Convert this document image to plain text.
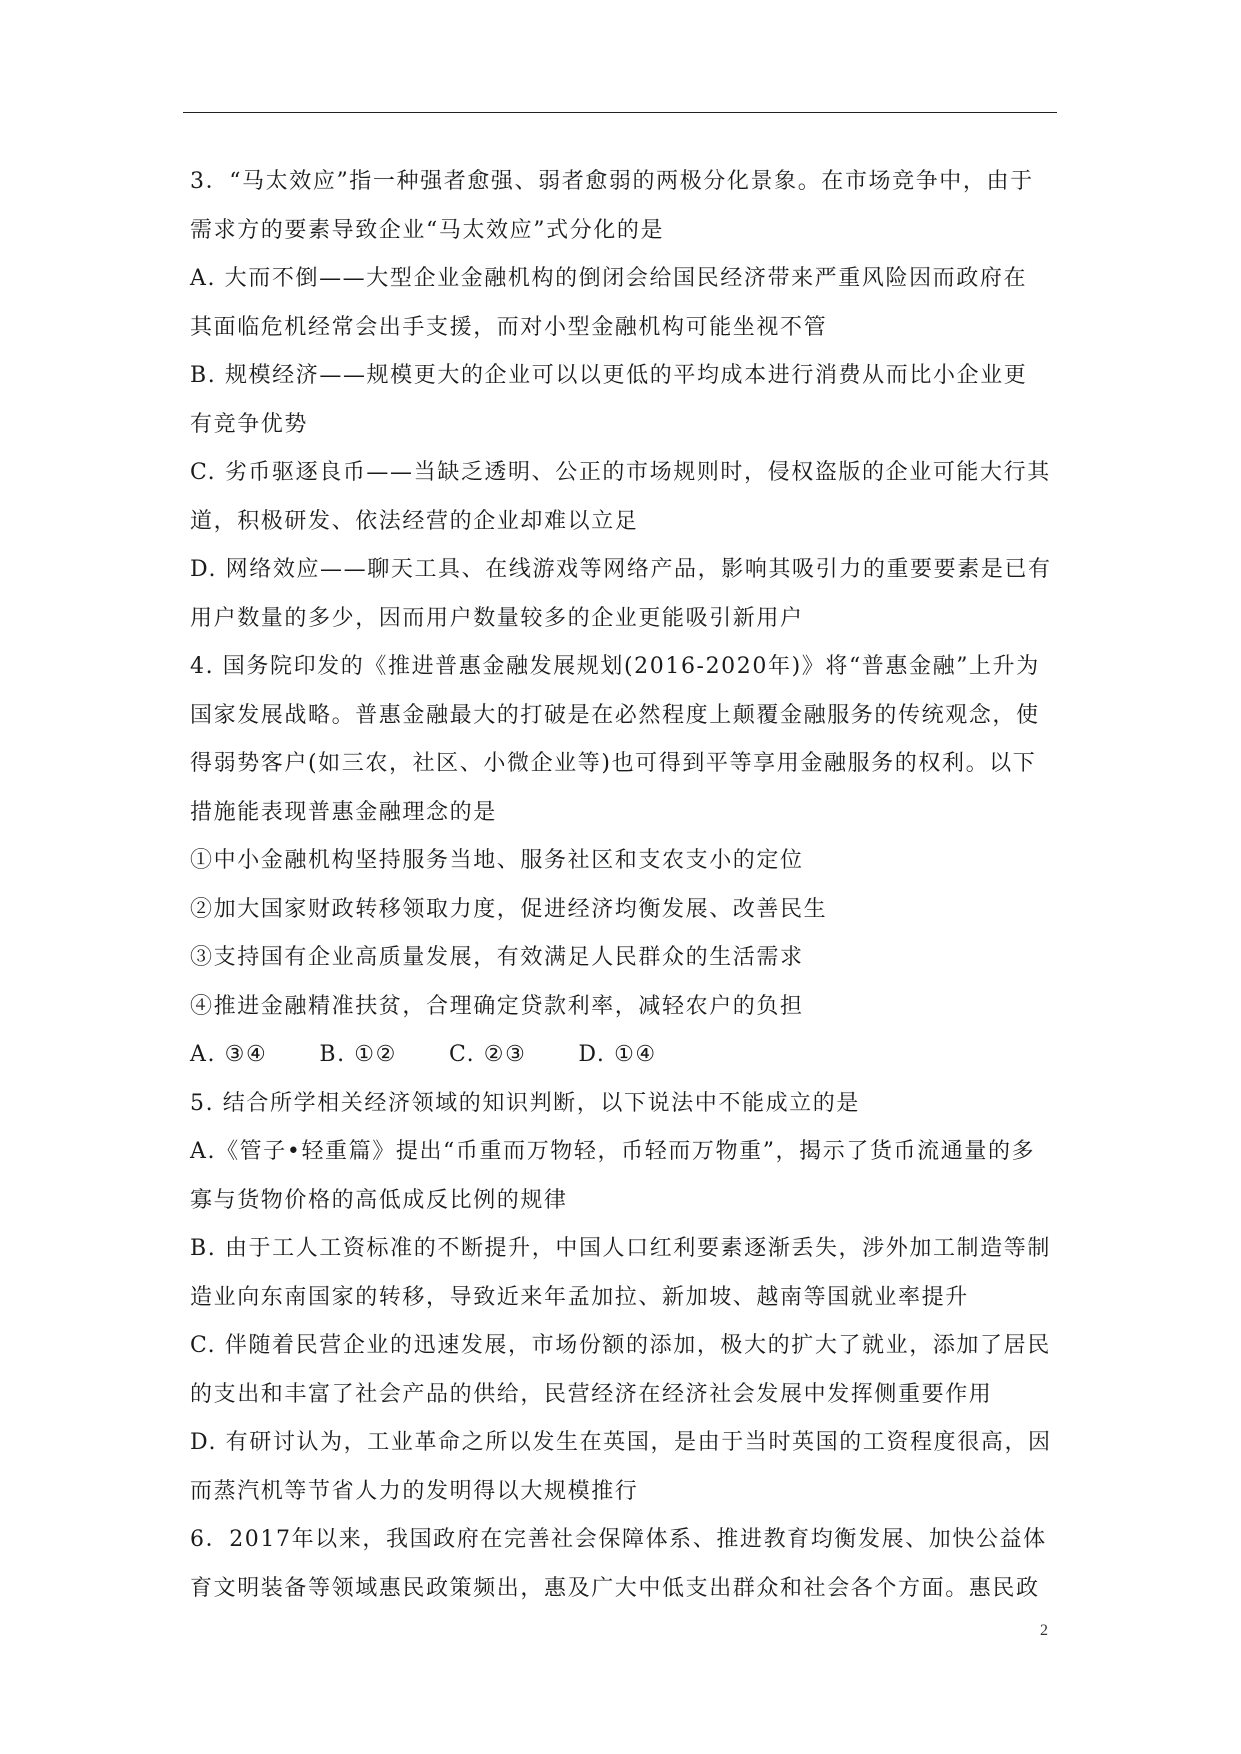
3．“马太效应”指一种强者愈强、弱者愈弱的两极分化景象。在市场竞争中，由于
需求方的要素导致企业“马太效应”式分化的是
A. 大而不倒——大型企业金融机构的倒闭会给国民经济带来严重风险因而政府在
其面临危机经常会出手支援，而对小型金融机构可能坐视不管
B. 规模经济——规模更大的企业可以以更低的平均成本进行消费从而比小企业更
有竞争优势
C. 劣币驱逐良币——当缺乏透明、公正的市场规则时，侵权盗版的企业可能大行其
道，积极研发、依法经营的企业却难以立足
D. 网络效应——聊天工具、在线游戏等网络产品，影响其吸引力的重要要素是已有
用户数量的多少，因而用户数量较多的企业更能吸引新用户
4. 国务院印发的《推进普惠金融发展规划(2016-2020年)》将“普惠金融”上升为
国家发展战略。普惠金融最大的打破是在必然程度上颠覆金融服务的传统观念，使
得弱势客户(如三农，社区、小微企业等)也可得到平等享用金融服务的权利。以下
措施能表现普惠金融理念的是
①中小金融机构坚持服务当地、服务社区和支农支小的定位
②加大国家财政转移领取力度，促进经济均衡发展、改善民生
③支持国有企业高质量发展，有效满足人民群众的生活需求
④推进金融精准扶贫，合理确定贷款利率，减轻农户的负担
A. ③④ B. ①② C. ②③ D. ①④
5. 结合所学相关经济领域的知识判断，以下说法中不能成立的是
A.《管子•轻重篇》提出“币重而万物轻，币轻而万物重”，揭示了货币流通量的多
寡与货物价格的高低成反比例的规律
B. 由于工人工资标准的不断提升，中国人口红利要素逐渐丢失，涉外加工制造等制
造业向东南国家的转移，导致近来年孟加拉、新加坡、越南等国就业率提升
C. 伴随着民营企业的迅速发展，市场份额的添加，极大的扩大了就业，添加了居民
的支出和丰富了社会产品的供给，民营经济在经济社会发展中发挥侧重要作用
D. 有研讨认为，工业革命之所以发生在英国，是由于当时英国的工资程度很高，因
而蒸汽机等节省人力的发明得以大规模推行
6．2017年以来，我国政府在完善社会保障体系、推进教育均衡发展、加快公益体
育文明装备等领域惠民政策频出，惠及广大中低支出群众和社会各个方面。惠民政
2
